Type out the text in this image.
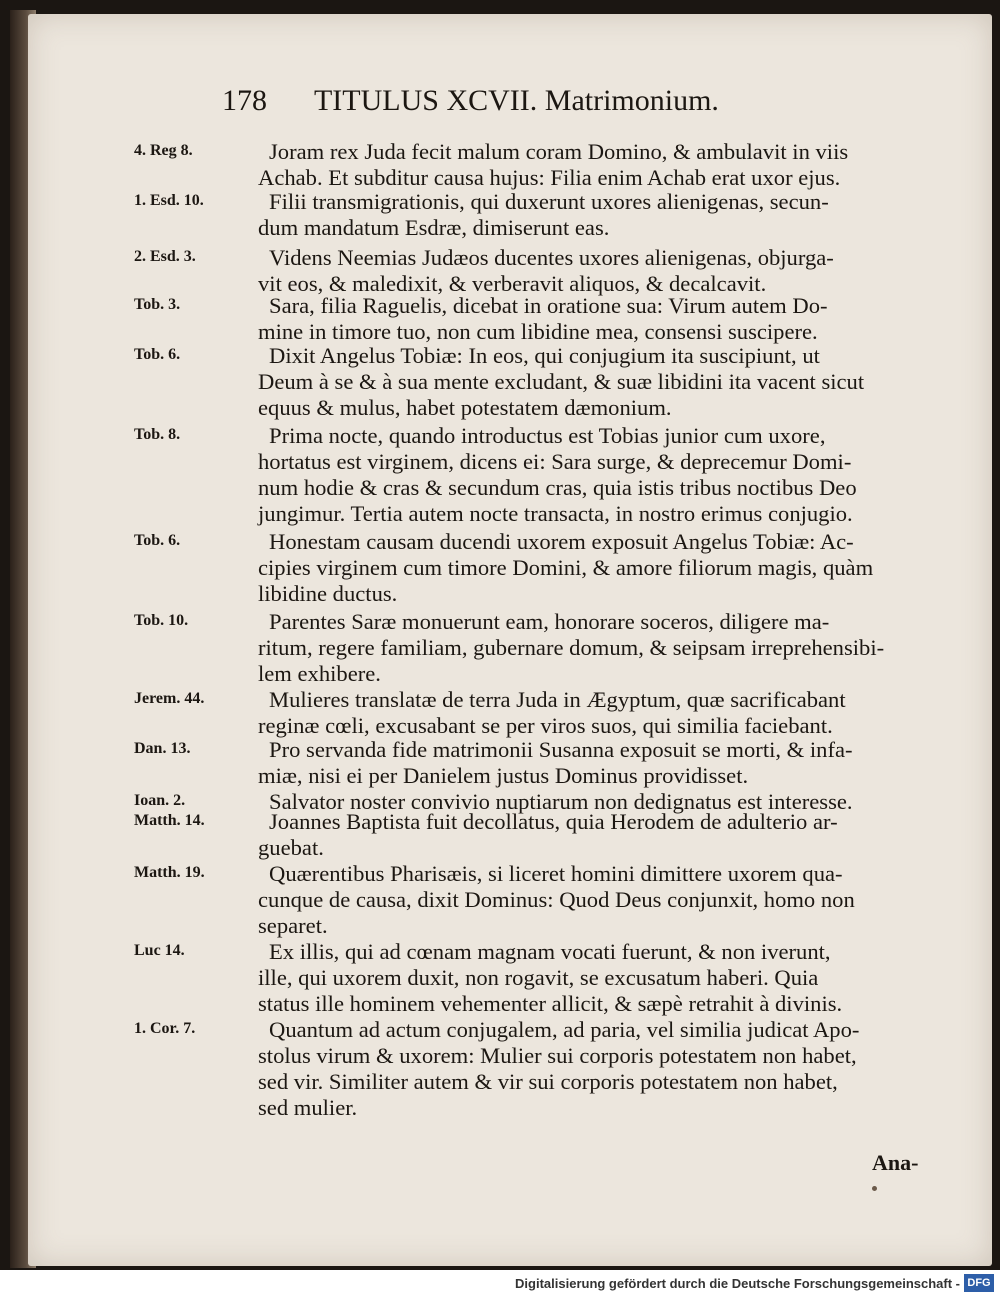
178 TITULUS XCVII. Matrimonium.
4. Reg 8.	Joram rex Juda fecit malum coram Domino, & ambulavit in viis
Achab. Et subditur causa hujus: Filia enim Achab erat uxor ejus.
1. Esd. 10.	Filii transmigrationis, qui duxerunt uxores alienigenas, secun-
dum mandatum Esdræ, dimiserunt eas.
2. Esd. 3.	Videns Neemias Judæos ducentes uxores alienigenas, objurga-
vit eos, & maledixit, & verberavit aliquos, & decalcavit.
Tob. 3.	Sara, filia Raguelis, dicebat in oratione sua: Virum autem Do-
mine in timore tuo, non cum libidine mea, consensi suscipere.
Tob. 6.	Dixit Angelus Tobiæ: In eos, qui conjugium ita suscipiunt, ut
Deum à se & à sua mente excludant, & suæ libidini ita vacent sicut
equus & mulus, habet potestatem dæmonium.
Tob. 8.	Prima nocte, quando introductus est Tobias junior cum uxore,
hortatus est virginem, dicens ei: Sara surge, & deprecemur Domi-
num hodie & cras & secundum cras, quia istis tribus noctibus Deo
jungimur. Tertia autem nocte transacta, in nostro erimus conjugio.
Tob. 6.	Honestam causam ducendi uxorem exposuit Angelus Tobiæ: Ac-
cipies virginem cum timore Domini, & amore filiorum magis, quàm
libidine ductus.
Tob. 10.	Parentes Saræ monuerunt eam, honorare soceros, diligere ma-
ritum, regere familiam, gubernare domum, & seipsam irreprehensibi-
lem exhibere.
Jerem. 44.	Mulieres translatæ de terra Juda in Ægyptum, quæ sacrificabant
reginæ cœli, excusabant se per viros suos, qui similia faciebant.
Dan. 13.	Pro servanda fide matrimonii Susanna exposuit se morti, & infa-
miæ, nisi ei per Danielem justus Dominus providisset.
Ioan. 2.	Salvator noster convivio nuptiarum non dedignatus est interesse.
Matth. 14.	Joannes Baptista fuit decollatus, quia Herodem de adulterio ar-
guebat.
Matth. 19.	Quærentibus Pharisæis, si liceret homini dimittere uxorem qua-
cunque de causa, dixit Dominus: Quod Deus conjunxit, homo non
separet.
Luc 14.	Ex illis, qui ad cœnam magnam vocati fuerunt, & non iverunt,
ille, qui uxorem duxit, non rogavit, se excusatum haberi. Quia
status ille hominem vehementer allicit, & sæpè retrahit à divinis.
1. Cor. 7.	Quantum ad actum conjugalem, ad paria, vel similia judicat Apo-
stolus virum & uxorem: Mulier sui corporis potestatem non habet,
sed vir. Similiter autem & vir sui corporis potestatem non habet,
sed mulier.
Ana-
Digitalisierung gefördert durch die Deutsche Forschungsgemeinschaft - DFG
